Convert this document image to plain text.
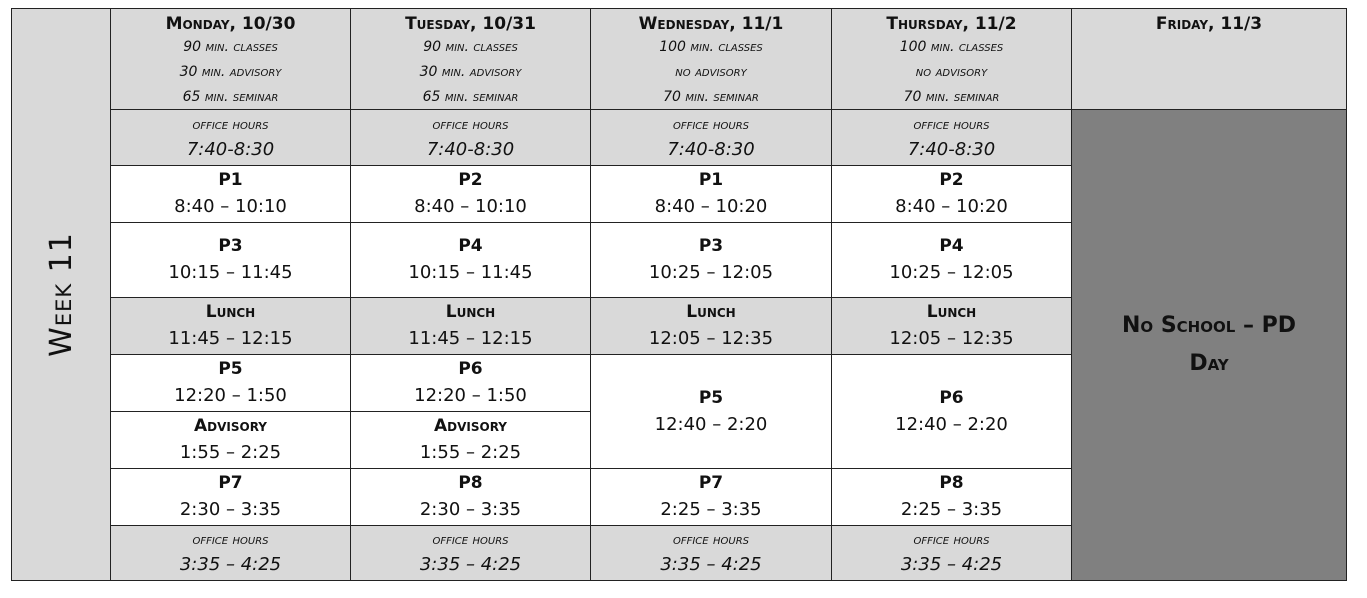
Week 11
Monday, 10/30
90 min. classes
30 min. advisory
65 min. seminar
Tuesday, 10/31
90 min. classes
30 min. advisory
65 min. seminar
Wednesday, 11/1
100 min. classes
no advisory
70 min. seminar
Thursday, 11/2
100 min. classes
no advisory
70 min. seminar
Friday, 11/3
office hours
7:40-8:30
office hours
7:40-8:30
office hours
7:40-8:30
office hours
7:40-8:30
P1
8:40 – 10:10
P2
8:40 – 10:10
P1
8:40 – 10:20
P2
8:40 – 10:20
P3
10:15 – 11:45
P4
10:15 – 11:45
P3
10:25 – 12:05
P4
10:25 – 12:05
Lunch
11:45 – 12:15
Lunch
11:45 – 12:15
Lunch
12:05 – 12:35
Lunch
12:05 – 12:35
P5
12:20 – 1:50
P6
12:20 – 1:50	P5
12:40 – 2:20
P6
12:40 – 2:20
Advisory
1:55 – 2:25
Advisory
1:55 – 2:25
P7
2:30 – 3:35
P8
2:30 – 3:35
P7
2:25 – 3:35
P8
2:25 – 3:35
office hours
3:35 – 4:25
office hours
3:35 – 4:25
office hours
3:35 – 4:25
office hours
3:35 – 4:25
No School – PD Day
